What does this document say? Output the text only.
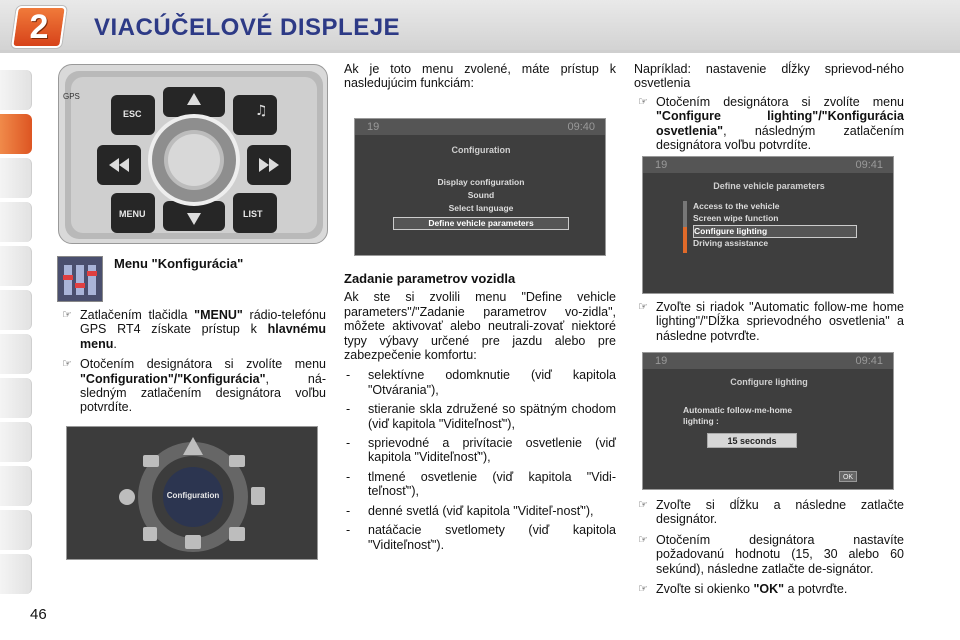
2	VIACÚČELOVÉ DISPLEJE
46
♫
GPS
ESC
MENU	LIST
Menu "Konfigurácia"
☞ Zatlačením tlačidla "MENU" rádio-telefónu GPS RT4 získate prístup k hlavnému menu.
☞ Otočením designátora si zvolíte menu "Configuration"/"Konfigurácia", ná-sledným zatlačením designátora voľbu potvrdíte.
Configuration
Ak je toto menu zvolené, máte prístup k nasledujúcim funkciám:
19	09:40
Configuration
Display configuration
Sound
Select language
Define vehicle parameters
Zadanie parametrov vozidla

Ak ste si zvolili menu "Define vehicle parameters"/"Zadanie parametrov vo-zidla", môžete aktivovať alebo neutrali-zovať niektoré typy výbavy určené pre jazdu alebo pre zabezpečenie komfortu:

-	selektívne odomknutie (viď kapitola "Otvárania"),
-	stieranie skla združené so spätným chodom (viď kapitola "Viditeľnosť"),
-	sprievodné a privítacie osvetlenie (viď kapitola "Viditeľnosť"),
-	tlmené osvetlenie (viď kapitola "Vidi-teľnosť"),
-	denné svetlá (viď kapitola "Viditeľ-nosť"),
-	natáčacie svetlomety (viď kapitola "Viditeľnosť").

Napríklad: nastavenie dĺžky sprievod-ného osvetlenia

☞ Otočením designátora si zvolíte menu "Configure lighting"/"Konfigurácia osvetlenia", následným zatlačením designátora voľbu potvrdíte.
19	09:41
Define vehicle parameters
Access to the vehicle
Screen wipe function
Configure lighting
Driving assistance
☞ Zvoľte si riadok "Automatic follow-me home lighting"/"Dĺžka sprievodného osvetlenia" a následne potvrďte.
19	09:41
Configure lighting
Automatic follow-me-home
lighting :
15 seconds
OK
☞ Zvoľte si dĺžku a následne zatlačte designátor.
☞ Otočením designátora nastavíte požadovanú hodnotu (15, 30 alebo 60 sekúnd), následne zatlačte de-signátor.
☞ Zvoľte si okienko "OK" a potvrďte.
